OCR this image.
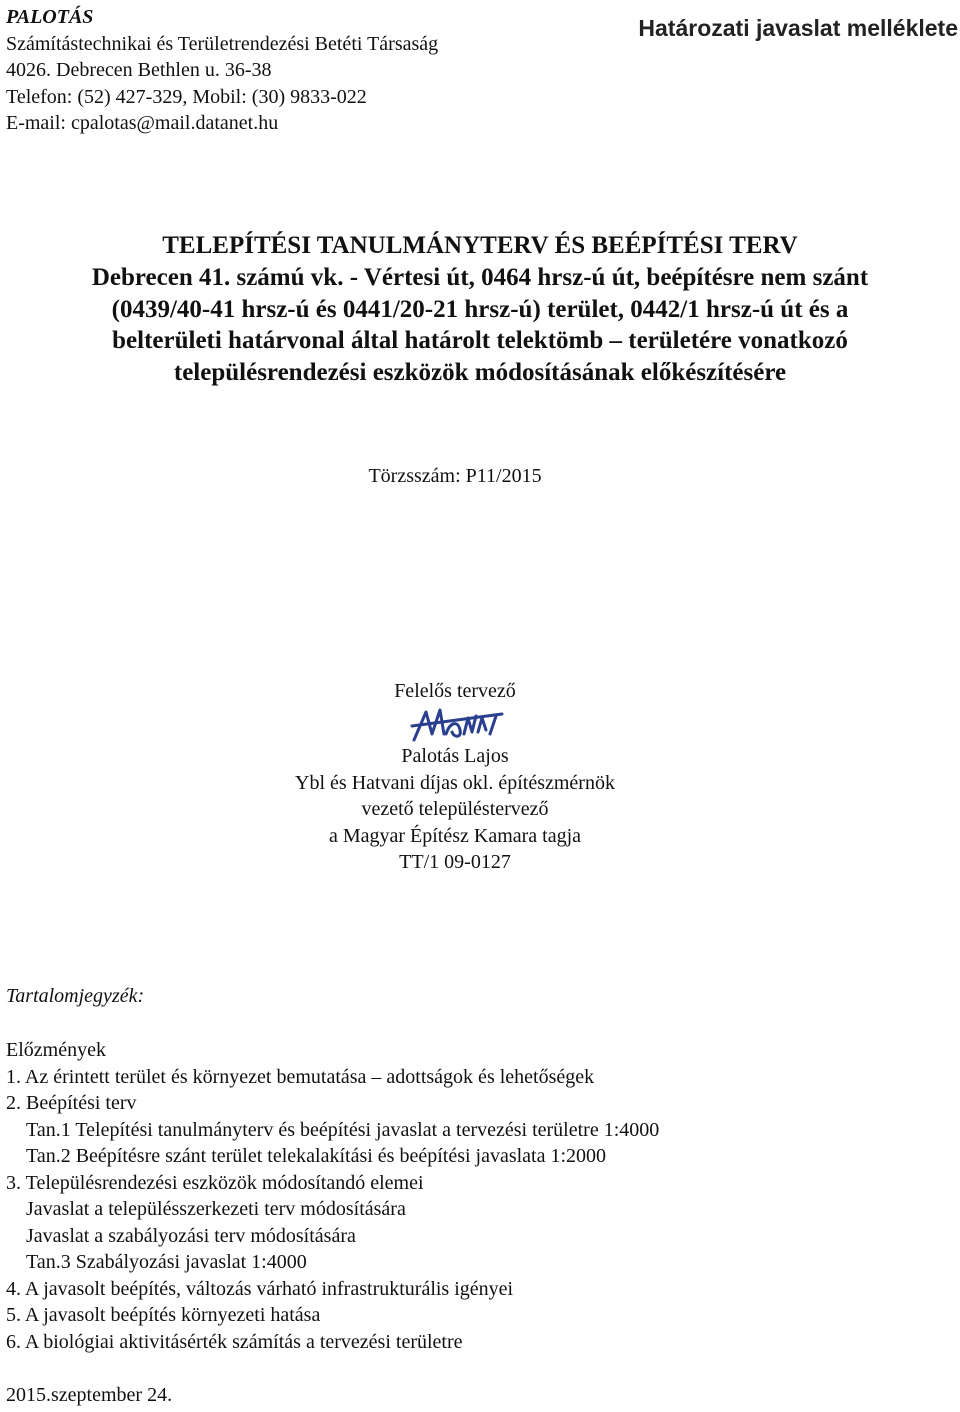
PALOTÁS
Számítástechnikai és Területrendezési Betéti Társaság
4026. Debrecen Bethlen u. 36-38
Telefon: (52) 427-329, Mobil: (30) 9833-022
E-mail: cpalotas@mail.datanet.hu
Határozati javaslat melléklete
TELEPÍTÉSI TANULMÁNYTERV ÉS BEÉPÍTÉSI TERV
Debrecen 41. számú vk. - Vértesi út, 0464 hrsz-ú út, beépítésre nem szánt
(0439/40-41 hrsz-ú és 0441/20-21 hrsz-ú) terület, 0442/1 hrsz-ú út és a
belterületi határvonal által határolt telektömb – területére vonatkozó
településrendezési eszközök módosításának előkészítésére
Törzsszám: P11/2015
Felelős tervező
Palotás Lajos
Ybl és Hatvani díjas okl. építészmérnök
vezető településtervező
a Magyar Építész Kamara tagja
TT/1 09-0127
Tartalomjegyzék:
Előzmények
1. Az érintett terület és környezet bemutatása – adottságok és lehetőségek
2. Beépítési terv
Tan.1 Telepítési tanulmányterv és beépítési javaslat a tervezési területre 1:4000
Tan.2 Beépítésre szánt terület telekalakítási és beépítési javaslata 1:2000
3. Településrendezési eszközök módosítandó elemei
Javaslat a településszerkezeti terv módosítására
Javaslat a szabályozási terv módosítására
Tan.3 Szabályozási javaslat 1:4000
4. A javasolt beépítés, változás várható infrastrukturális igényei
5. A javasolt beépítés környezeti hatása
6. A biológiai aktivitásérték számítás a tervezési területre
2015.szeptember 24.
